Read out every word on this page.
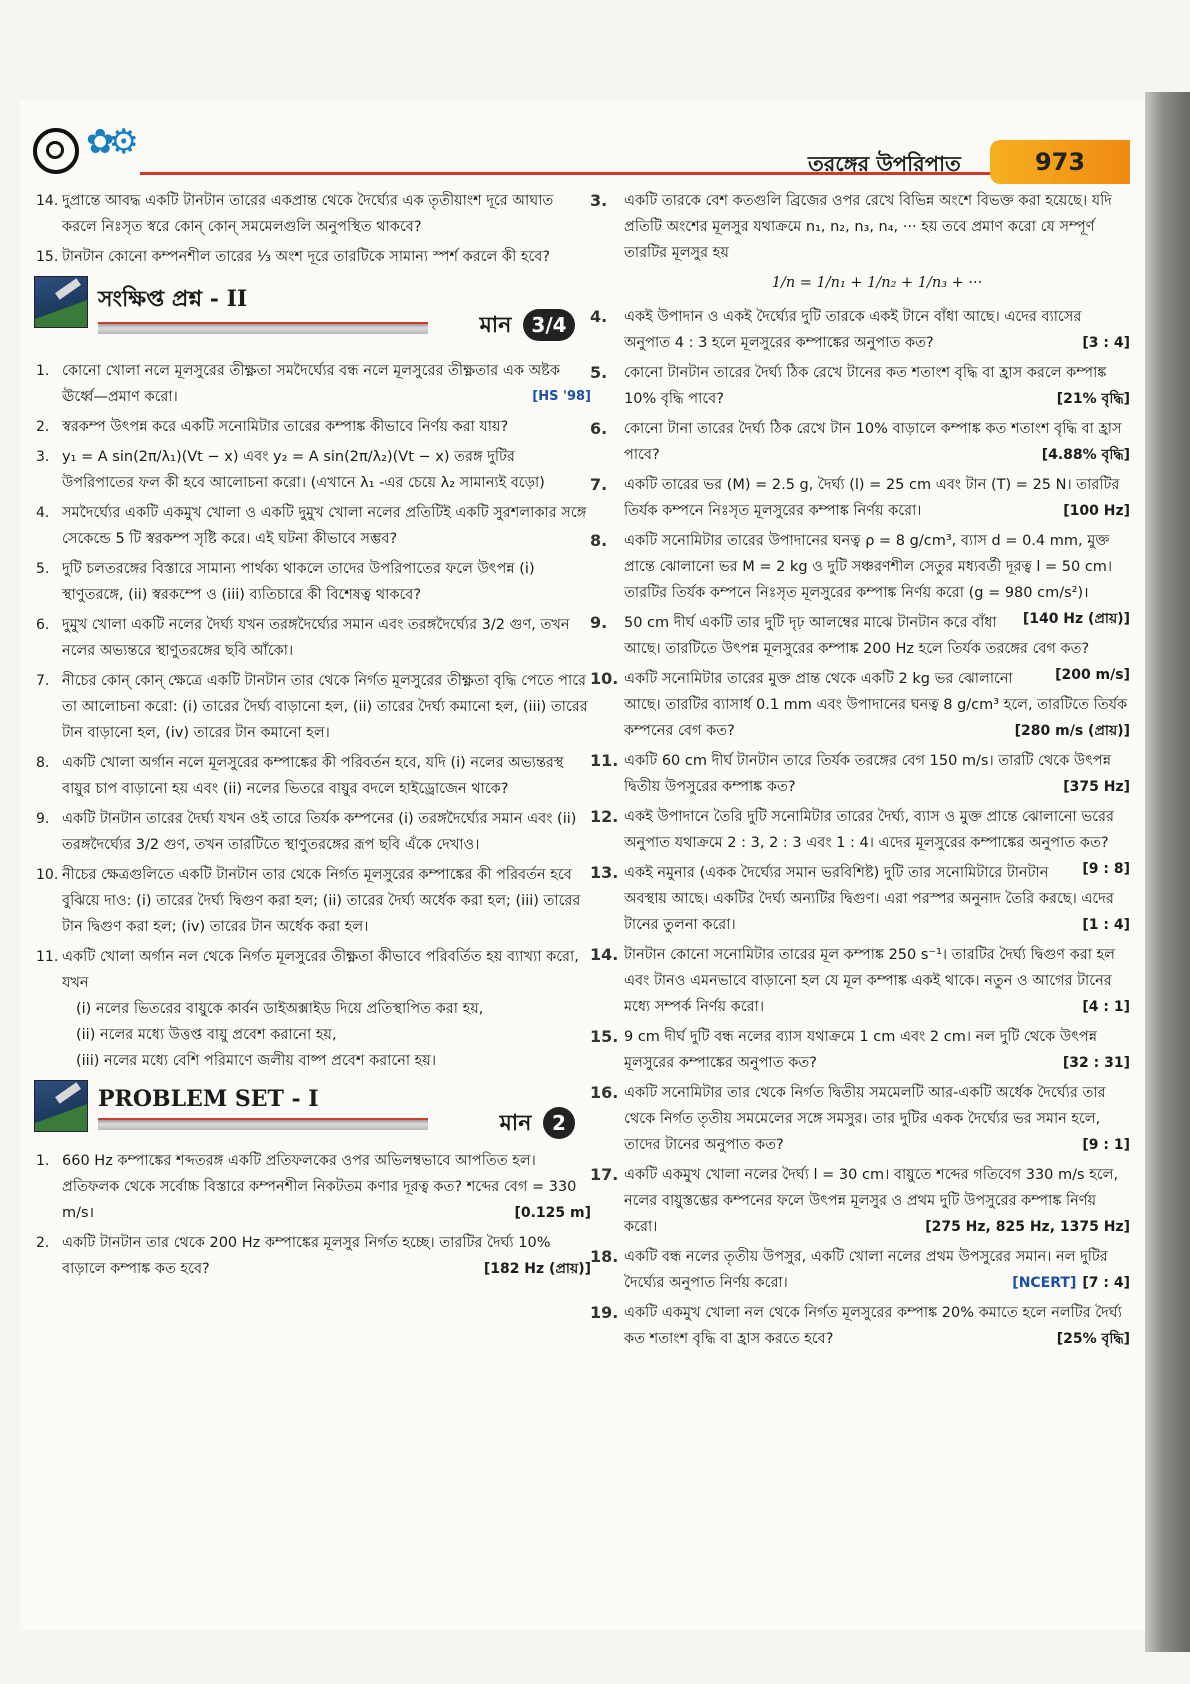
✿⚙
তরঙ্গের উপরিপাত	973
14. দুপ্রান্তে আবদ্ধ একটি টানটান তারের একপ্রান্ত থেকে দৈর্ঘ্যের এক তৃতীয়াংশ দূরে আঘাত করলে নিঃসৃত স্বরে কোন্‌ কোন্‌ সমমেলগুলি অনুপস্থিত থাকবে?
15. টানটান কোনো কম্পনশীল তারের ⅓ অংশ দূরে তারটিকে সামান্য স্পর্শ করলে কী হবে?
সংক্ষিপ্ত প্রশ্ন - II
মান 3/4
1. কোনো খোলা নলে মূলসুরের তীক্ষ্ণতা সমদৈর্ঘ্যের বন্ধ নলে মূলসুরের তীক্ষ্ণতার এক অষ্টক ঊর্ধ্বে—প্রমাণ করো।	[HS '98]
2. স্বরকম্প উৎপন্ন করে একটি সনোমিটার তারের কম্পাঙ্ক কীভাবে নির্ণয় করা যায়?
3. y₁ = A sin(2π/λ₁)(Vt − x) এবং y₂ = A sin(2π/λ₂)(Vt − x) তরঙ্গ দুটির উপরিপাতের ফল কী হবে আলোচনা করো। (এখানে λ₁ -এর চেয়ে λ₂ সামান্যই বড়ো)
4. সমদৈর্ঘ্যের একটি একমুখ খোলা ও একটি দুমুখ খোলা নলের প্রতিটিই একটি সুরশলাকার সঙ্গে সেকেন্ডে 5 টি স্বরকম্প সৃষ্টি করে। এই ঘটনা কীভাবে সম্ভব?
5. দুটি চলতরঙ্গের বিস্তারে সামান্য পার্থক্য থাকলে তাদের উপরিপাতের ফলে উৎপন্ন (i) স্থাণুতরঙ্গে, (ii) স্বরকম্পে ও (iii) ব্যতিচারে কী বিশেষত্ব থাকবে?
6. দুমুখ খোলা একটি নলের দৈর্ঘ্য যখন তরঙ্গদৈর্ঘ্যের সমান এবং তরঙ্গদৈর্ঘ্যের 3/2 গুণ, তখন নলের অভ্যন্তরে স্থাণুতরঙ্গের ছবি আঁকো।
7. নীচের কোন্‌ কোন্‌ ক্ষেত্রে একটি টানটান তার থেকে নির্গত মূলসুরের তীক্ষ্ণতা বৃদ্ধি পেতে পারে তা আলোচনা করো: (i) তারের দৈর্ঘ্য বাড়ানো হল, (ii) তারের দৈর্ঘ্য কমানো হল, (iii) তারের টান বাড়ানো হল, (iv) তারের টান কমানো হল।
8. একটি খোলা অর্গান নলে মূলসুরের কম্পাঙ্কের কী পরিবর্তন হবে, যদি (i) নলের অভ্যন্তরস্থ বায়ুর চাপ বাড়ানো হয় এবং (ii) নলের ভিতরে বায়ুর বদলে হাইড্রোজেন থাকে?
9. একটি টানটান তারের দৈর্ঘ্য যখন ওই তারে তির্যক কম্পনের (i) তরঙ্গদৈর্ঘ্যের সমান এবং (ii) তরঙ্গদৈর্ঘ্যের 3/2 গুণ, তখন তারটিতে স্থাণুতরঙ্গের রূপ ছবি এঁকে দেখাও।
10. নীচের ক্ষেত্রগুলিতে একটি টানটান তার থেকে নির্গত মূলসুরের কম্পাঙ্কের কী পরিবর্তন হবে বুঝিয়ে দাও: (i) তারের দৈর্ঘ্য দ্বিগুণ করা হল; (ii) তারের দৈর্ঘ্য অর্ধেক করা হল; (iii) তারের টান দ্বিগুণ করা হল; (iv) তারের টান অর্ধেক করা হল।
11. একটি খোলা অর্গান নল থেকে নির্গত মূলসুরের তীক্ষ্ণতা কীভাবে পরিবর্তিত হয় ব্যাখ্যা করো, যখন
(i) নলের ভিতরের বায়ুকে কার্বন ডাইঅক্সাইড দিয়ে প্রতিস্থাপিত করা হয়,
(ii) নলের মধ্যে উত্তপ্ত বায়ু প্রবেশ করানো হয়,
(iii) নলের মধ্যে বেশি পরিমাণে জলীয় বাষ্প প্রবেশ করানো হয়।
PROBLEM SET - I
মান 2
1. 660 Hz কম্পাঙ্কের শব্দতরঙ্গ একটি প্রতিফলকের ওপর অভিলম্বভাবে আপতিত হল। প্রতিফলক থেকে সর্বোচ্চ বিস্তারে কম্পনশীল নিকটতম কণার দূরত্ব কত? শব্দের বেগ = 330 m/s।	[0.125 m]
2. একটি টানটান তার থেকে 200 Hz কম্পাঙ্কের মূলসুর নির্গত হচ্ছে। তারটির দৈর্ঘ্য 10% বাড়ালে কম্পাঙ্ক কত হবে?	[182 Hz (প্রায়)]
3. একটি তারকে বেশ কতগুলি ব্রিজের ওপর রেখে বিভিন্ন অংশে বিভক্ত করা হয়েছে। যদি প্রতিটি অংশের মূলসুর যথাক্রমে n₁, n₂, n₃, n₄, ··· হয় তবে প্রমাণ করো যে সম্পূর্ণ তারটির মূলসুর হয়
1/n = 1/n₁ + 1/n₂ + 1/n₃ + ···
4. একই উপাদান ও একই দৈর্ঘ্যের দুটি তারকে একই টানে বাঁধা আছে। এদের ব্যাসের অনুপাত 4 : 3 হলে মূলসুরের কম্পাঙ্কের অনুপাত কত?	[3 : 4]
5. কোনো টানটান তারের দৈর্ঘ্য ঠিক রেখে টানের কত শতাংশ বৃদ্ধি বা হ্রাস করলে কম্পাঙ্ক 10% বৃদ্ধি পাবে?	[21% বৃদ্ধি]
6. কোনো টানা তারের দৈর্ঘ্য ঠিক রেখে টান 10% বাড়ালে কম্পাঙ্ক কত শতাংশ বৃদ্ধি বা হ্রাস পাবে?	[4.88% বৃদ্ধি]
7. একটি তারের ভর (M) = 2.5 g, দৈর্ঘ্য (l) = 25 cm এবং টান (T) = 25 N। তারটির তির্যক কম্পনে নিঃসৃত মূলসুরের কম্পাঙ্ক নির্ণয় করো।	[100 Hz]
8. একটি সনোমিটার তারের উপাদানের ঘনত্ব ρ = 8 g/cm³, ব্যাস d = 0.4 mm, মুক্ত প্রান্তে ঝোলানো ভর M = 2 kg ও দুটি সঞ্চরণশীল সেতুর মধ্যবর্তী দূরত্ব l = 50 cm। তারটির তির্যক কম্পনে নিঃসৃত মূলসুরের কম্পাঙ্ক নির্ণয় করো (g = 980 cm/s²)।
[140 Hz (প্রায়)]
9. 50 cm দীর্ঘ একটি তার দুটি দৃঢ় আলম্বের মাঝে টানটান করে বাঁধা আছে। তারটিতে উৎপন্ন মূলসুরের কম্পাঙ্ক 200 Hz হলে তির্যক তরঙ্গের বেগ কত?
[200 m/s]
10. একটি সনোমিটার তারের মুক্ত প্রান্ত থেকে একটি 2 kg ভর ঝোলানো আছে। তারটির ব্যাসার্ধ 0.1 mm এবং উপাদানের ঘনত্ব 8 g/cm³ হলে, তারটিতে তির্যক কম্পনের বেগ কত?	[280 m/s (প্রায়)]
11. একটি 60 cm দীর্ঘ টানটান তারে তির্যক তরঙ্গের বেগ 150 m/s। তারটি থেকে উৎপন্ন দ্বিতীয় উপসুরের কম্পাঙ্ক কত?	[375 Hz]
12. একই উপাদানে তৈরি দুটি সনোমিটার তারের দৈর্ঘ্য, ব্যাস ও মুক্ত প্রান্তে ঝোলানো ভরের অনুপাত যথাক্রমে 2 : 3, 2 : 3 এবং 1 : 4। এদের মূলসুরের কম্পাঙ্কের অনুপাত কত?
[9 : 8]
13. একই নমুনার (একক দৈর্ঘ্যের সমান ভরবিশিষ্ট) দুটি তার সনোমিটারে টানটান অবস্থায় আছে। একটির দৈর্ঘ্য অন্যটির দ্বিগুণ। এরা পরস্পর অনুনাদ তৈরি করছে। এদের টানের তুলনা করো।	[1 : 4]
14. টানটান কোনো সনোমিটার তারের মূল কম্পাঙ্ক 250 s⁻¹। তারটির দৈর্ঘ্য দ্বিগুণ করা হল এবং টানও এমনভাবে বাড়ানো হল যে মূল কম্পাঙ্ক একই থাকে। নতুন ও আগের টানের মধ্যে সম্পর্ক নির্ণয় করো।	[4 : 1]
15. 9 cm দীর্ঘ দুটি বন্ধ নলের ব্যাস যথাক্রমে 1 cm এবং 2 cm। নল দুটি থেকে উৎপন্ন মূলসুরের কম্পাঙ্কের অনুপাত কত?	[32 : 31]
16. একটি সনোমিটার তার থেকে নির্গত দ্বিতীয় সমমেলটি আর-একটি অর্ধেক দৈর্ঘ্যের তার থেকে নির্গত তৃতীয় সমমেলের সঙ্গে সমসুর। তার দুটির একক দৈর্ঘ্যের ভর সমান হলে, তাদের টানের অনুপাত কত?	[9 : 1]
17. একটি একমুখ খোলা নলের দৈর্ঘ্য l = 30 cm। বায়ুতে শব্দের গতিবেগ 330 m/s হলে, নলের বায়ুস্তম্ভের কম্পনের ফলে উৎপন্ন মূলসুর ও প্রথম দুটি উপসুরের কম্পাঙ্ক নির্ণয় করো।	[275 Hz, 825 Hz, 1375 Hz]
18. একটি বন্ধ নলের তৃতীয় উপসুর, একটি খোলা নলের প্রথম উপসুরের সমান। নল দুটির দৈর্ঘ্যের অনুপাত নির্ণয় করো।	[NCERT] [7 : 4]
19. একটি একমুখ খোলা নল থেকে নির্গত মূলসুরের কম্পাঙ্ক 20% কমাতে হলে নলটির দৈর্ঘ্য কত শতাংশ বৃদ্ধি বা হ্রাস করতে হবে?	[25% বৃদ্ধি]
